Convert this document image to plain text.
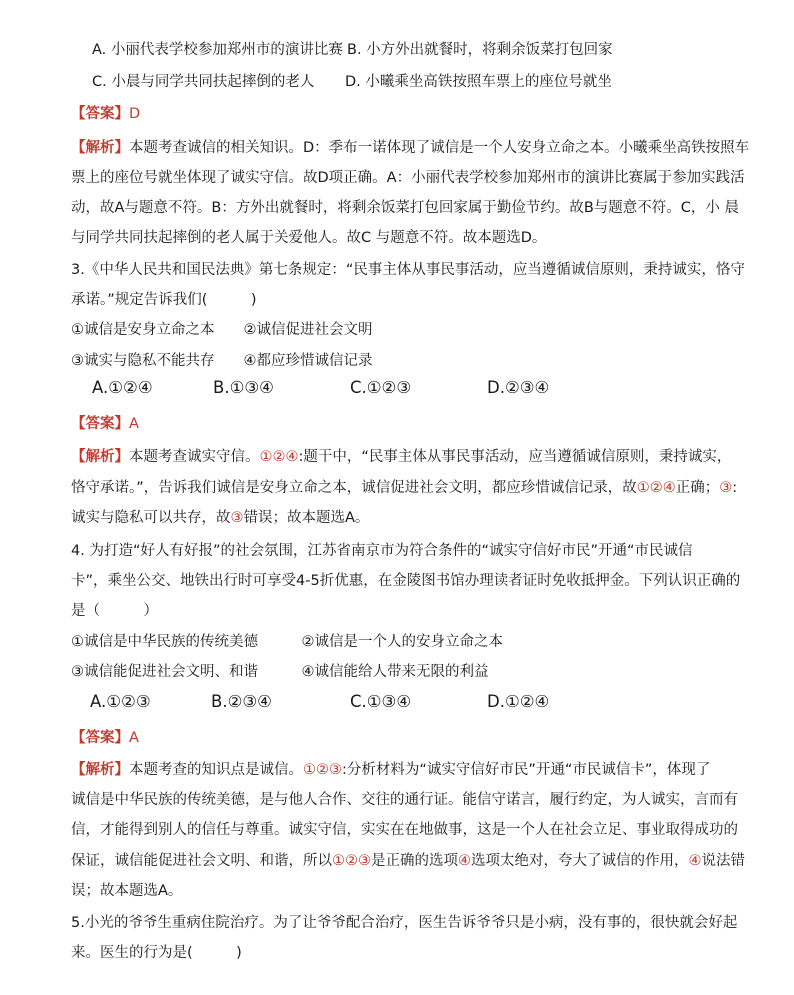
A. 小丽代表学校参加郑州市的演讲比赛 B. 小方外出就餐时，将剩余饭菜打包回家
C. 小晨与同学共同扶起摔倒的老人 D. 小曦乘坐高铁按照车票上的座位号就坐
【答案】D
【解析】本题考查诚信的相关知识。D：季布一诺体现了诚信是一个人安身立命之本。小曦乘坐高铁按照车
票上的座位号就坐体现了诚实守信。故D项正确。A：小丽代表学校参加郑州市的演讲比赛属于参加实践活
动，故A与题意不符。B：方外出就餐时，将剩余饭菜打包回家属于勤俭节约。故B与题意不符。C，小 晨
与同学共同扶起摔倒的老人属于关爱他人。故C 与题意不符。故本题选D。
3.《中华人民共和国民法典》第七条规定：“民事主体从事民事活动，应当遵循诚信原则，秉持诚实，恪守
承诺。”规定告诉我们(　　　)
①诚信是安身立命之本　　②诚信促进社会文明
③诚实与隐私不能共存　　④都应珍惜诚信记录
A.①②④	B.①③④	C.①②③	D.②③④
【答案】A
【解析】本题考查诚实守信。①②④:题干中，“民事主体从事民事活动，应当遵循诚信原则，秉持诚实，
恪守承诺。”，告诉我们诚信是安身立命之本，诚信促进社会文明，都应珍惜诚信记录，故①②④正确；③:
诚实与隐私可以共存，故③错误；故本题选A。
4. 为打造“好人有好报”的社会氛围，江苏省南京市为符合条件的“诚实守信好市民”开通“市民诚信
卡”，乘坐公交、地铁出行时可享受4-5折优惠，在金陵图书馆办理读者证时免收抵押金。下列认识正确的
是（　　　）
①诚信是中华民族的传统美德　　　②诚信是一个人的安身立命之本
③诚信能促进社会文明、和谐　　　④诚信能给人带来无限的利益
A.①②③	B.②③④	C.①③④	D.①②④
【答案】A
【解析】本题考查的知识点是诚信。①②③:分析材料为“诚实守信好市民”开通“市民诚信卡”，体现了
诚信是中华民族的传统美德，是与他人合作、交往的通行证。能信守诺言，履行约定，为人诚实，言而有
信，才能得到别人的信任与尊重。诚实守信，实实在在地做事，这是一个人在社会立足、事业取得成功的
保证，诚信能促进社会文明、和谐，所以①②③是正确的选项④选项太绝对，夸大了诚信的作用，④说法错
误；故本题选A。
5.小光的爷爷生重病住院治疗。为了让爷爷配合治疗，医生告诉爷爷只是小病，没有事的，很快就会好起
来。医生的行为是(　　　)
